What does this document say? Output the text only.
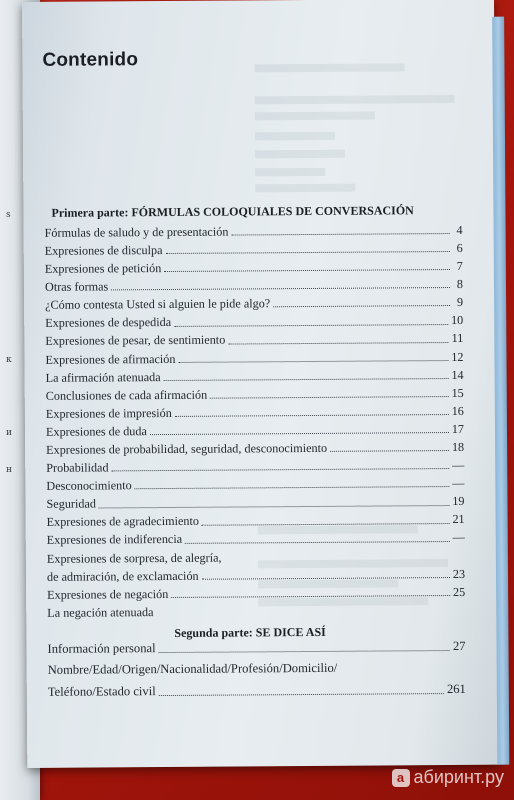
s
к
и
н
Contenido
Primera parte: FÓRMULAS COLOQUIALES DE CONVERSACIÓN
Fórmulas de saludo y de presentación	4
Expresiones de disculpa	6
Expresiones de petición	7
Otras formas	8
¿Cómo contesta Usted si alguien le pide algo?	9
Expresiones de despedida	10
Expresiones de pesar, de sentimiento	11
Expresiones de afirmación	12
La afirmación atenuada	14
Conclusiones de cada afirmación	15
Expresiones de impresión	16
Expresiones de duda	17
Expresiones de probabilidad, seguridad, desconocimiento	18
Probabilidad	—
Desconocimiento	—
Seguridad	19
Expresiones de agradecimiento	21
Expresiones de indiferencia	—
Expresiones de sorpresa, de alegría,
de admiración, de exclamación	23
Expresiones de negación	25
La negación atenuada
Segunda parte: SE DICE ASÍ
Información personal	27
Nombre/Edad/Origen/Nacionalidad/Profesión/Domicilio/
Teléfono/Estado civil	261
a абиринт.ру
